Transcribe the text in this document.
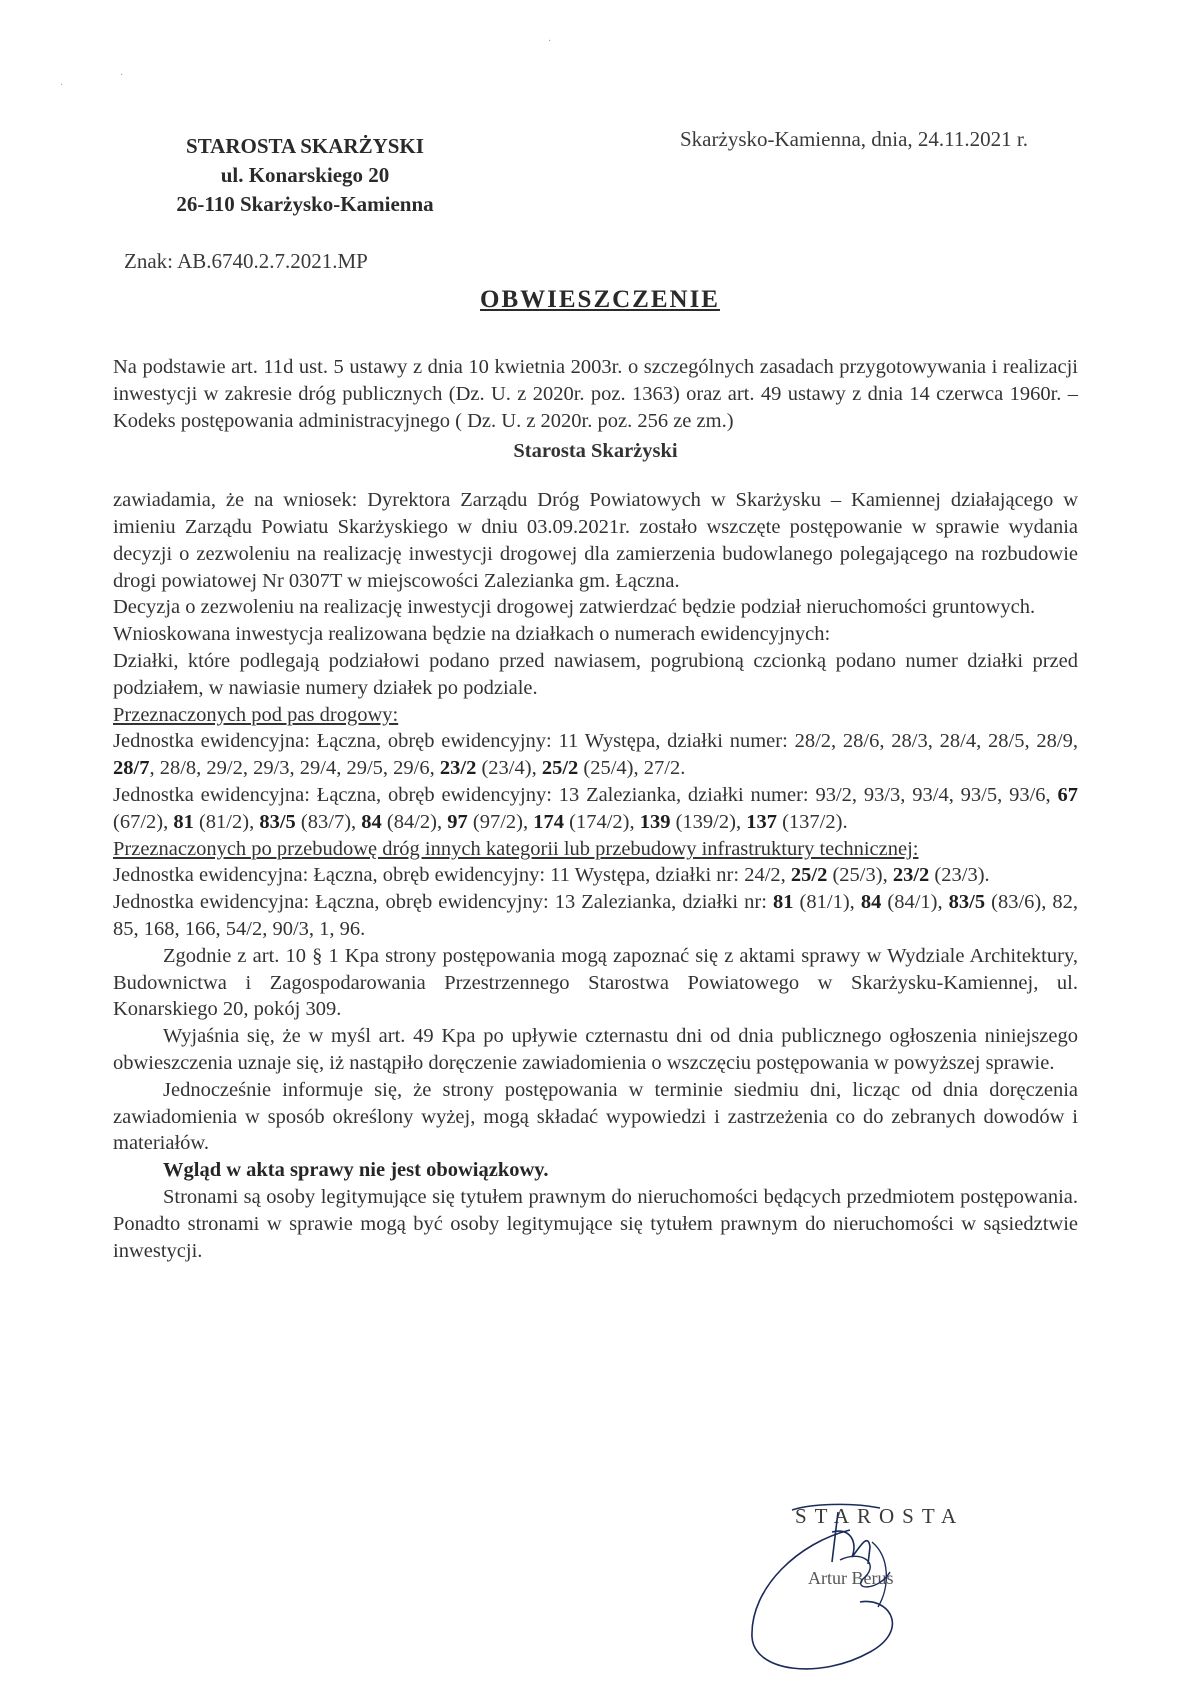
STAROSTA SKARŻYSKI
ul. Konarskiego 20
26-110 Skarżysko-Kamienna
Skarżysko-Kamienna, dnia, 24.11.2021 r.
Znak: AB.6740.2.7.2021.MP
OBWIESZCZENIE

Na podstawie art. 11d ust. 5 ustawy z dnia 10 kwietnia 2003r. o szczególnych zasadach przygotowywania i realizacji inwestycji w zakresie dróg publicznych (Dz. U. z 2020r. poz. 1363) oraz art. 49 ustawy z dnia 14 czerwca 1960r. – Kodeks postępowania administracyjnego ( Dz. U. z 2020r. poz. 256 ze zm.)

Starosta Skarżyski

zawiadamia, że na wniosek: Dyrektora Zarządu Dróg Powiatowych w Skarżysku – Kamiennej działającego w imieniu Zarządu Powiatu Skarżyskiego w dniu 03.09.2021r. zostało wszczęte postępowanie w sprawie wydania decyzji o zezwoleniu na realizację inwestycji drogowej dla zamierzenia budowlanego polegającego na rozbudowie drogi powiatowej Nr 0307T w miejscowości Zalezianka gm. Łączna.

Decyzja o zezwoleniu na realizację inwestycji drogowej zatwierdzać będzie podział nieruchomości gruntowych.

Wnioskowana inwestycja realizowana będzie na działkach o numerach ewidencyjnych:

Działki, które podlegają podziałowi podano przed nawiasem, pogrubioną czcionką podano numer działki przed podziałem, w nawiasie numery działek po podziale.

Przeznaczonych pod pas drogowy:

Jednostka ewidencyjna: Łączna, obręb ewidencyjny: 11 Występa, działki numer: 28/2, 28/6, 28/3, 28/4, 28/5, 28/9, 28/7, 28/8, 29/2, 29/3, 29/4, 29/5, 29/6, 23/2 (23/4), 25/2 (25/4), 27/2.

Jednostka ewidencyjna: Łączna, obręb ewidencyjny: 13 Zalezianka, działki numer: 93/2, 93/3, 93/4, 93/5, 93/6, 67 (67/2), 81 (81/2), 83/5 (83/7), 84 (84/2), 97 (97/2), 174 (174/2), 139 (139/2), 137 (137/2).

Przeznaczonych po przebudowę dróg innych kategorii lub przebudowy infrastruktury technicznej:

Jednostka ewidencyjna: Łączna, obręb ewidencyjny: 11 Występa, działki nr: 24/2, 25/2 (25/3), 23/2 (23/3).

Jednostka ewidencyjna: Łączna, obręb ewidencyjny: 13 Zalezianka, działki nr: 81 (81/1), 84 (84/1), 83/5 (83/6), 82, 85, 168, 166, 54/2, 90/3, 1, 96.

Zgodnie z art. 10 § 1 Kpa strony postępowania mogą zapoznać się z aktami sprawy w Wydziale Architektury, Budownictwa i Zagospodarowania Przestrzennego Starostwa Powiatowego w Skarżysku-Kamiennej, ul. Konarskiego 20, pokój 309.

Wyjaśnia się, że w myśl art. 49 Kpa po upływie czternastu dni od dnia publicznego ogłoszenia niniejszego obwieszczenia uznaje się, iż nastąpiło doręczenie zawiadomienia o wszczęciu postępowania w powyższej sprawie.

Jednocześnie informuje się, że strony postępowania w terminie siedmiu dni, licząc od dnia doręczenia zawiadomienia w sposób określony wyżej, mogą składać wypowiedzi i zastrzeżenia co do zebranych dowodów i materiałów.

Wgląd w akta sprawy nie jest obowiązkowy.

Stronami są osoby legitymujące się tytułem prawnym do nieruchomości będących przedmiotem postępowania. Ponadto stronami w sprawie mogą być osoby legitymujące się tytułem prawnym do nieruchomości w sąsiedztwie inwestycji.

STAROSTA
Artur Berus
·
·
·
